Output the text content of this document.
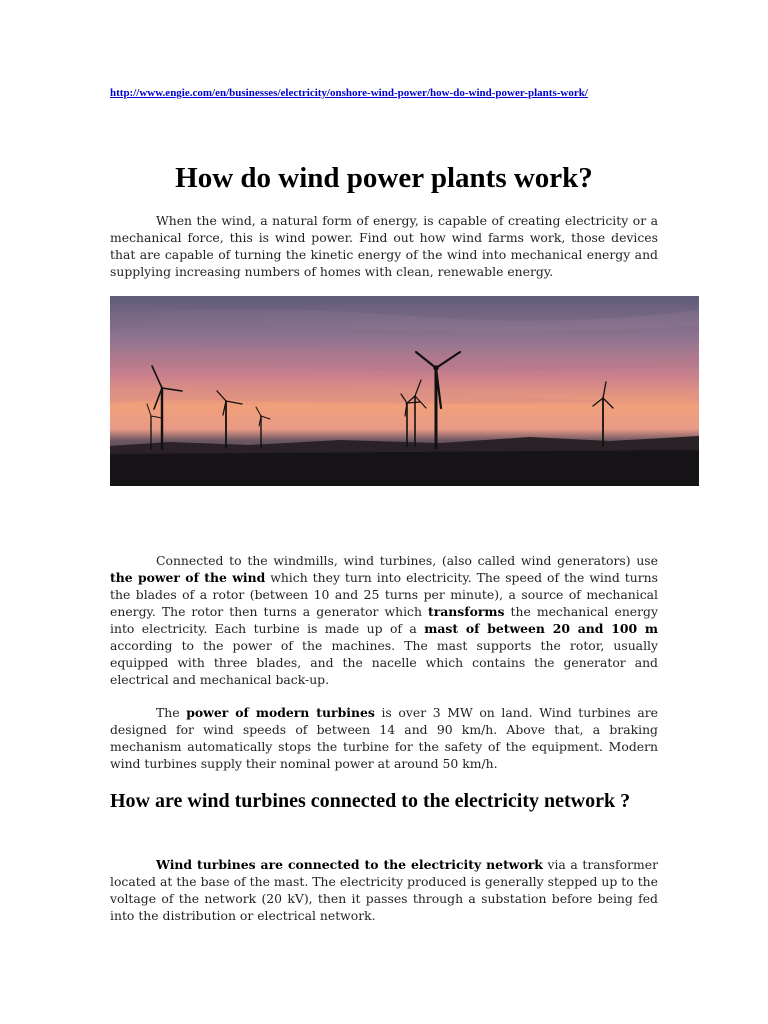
http://www.engie.com/en/businesses/electricity/onshore-wind-power/how-do-wind-power-plants-work/
How do wind power plants work?
When the wind, a natural form of energy, is capable of creating electricity or a mechanical force, this is wind power. Find out how wind farms work, those devices that are capable of turning the kinetic energy of the wind into mechanical energy and supplying increasing numbers of homes with clean, renewable energy.
Connected to the windmills, wind turbines, (also called wind generators) use the power of the wind which they turn into electricity. The speed of the wind turns the blades of a rotor (between 10 and 25 turns per minute), a source of mechanical energy. The rotor then turns a generator which transforms the mechanical energy into electricity. Each turbine is made up of a mast of between 20 and 100 m according to the power of the machines. The mast supports the rotor, usually equipped with three blades, and the nacelle which contains the generator and electrical and mechanical back-up.
The power of modern turbines is over 3 MW on land. Wind turbines are designed for wind speeds of between 14 and 90 km/h. Above that, a braking mechanism automatically stops the turbine for the safety of the equipment. Modern wind turbines supply their nominal power at around 50 km/h.
How are wind turbines connected to the electricity network ?
Wind turbines are connected to the electricity network via a transformer located at the base of the mast. The electricity produced is generally stepped up to the voltage of the network (20 kV), then it passes through a substation before being fed into the distribution or electrical network.
